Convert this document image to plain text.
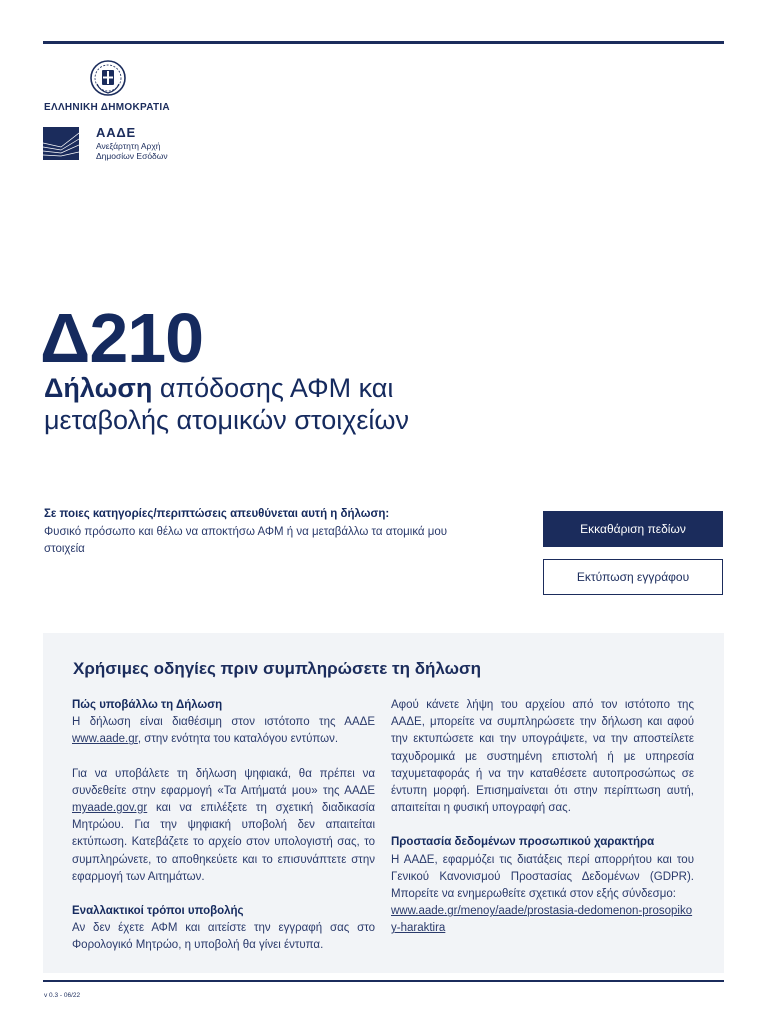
ΕΛΛΗΝΙΚΗ ΔΗΜΟΚΡΑΤΙΑ
ΑΑΔΕ
Ανεξάρτητη Αρχή
Δημοσίων Εσόδων
Δ210
Δήλωση απόδοσης ΑΦΜ και
μεταβολής ατομικών στοιχείων
Σε ποιες κατηγορίες/περιπτώσεις απευθύνεται αυτή η δήλωση:
Φυσικό πρόσωπο και θέλω να αποκτήσω ΑΦΜ ή να μεταβάλλω τα ατομικά μου στοιχεία
Εκκαθάριση πεδίων
Εκτύπωση εγγράφου
Χρήσιμες οδηγίες πριν συμπληρώσετε τη δήλωση
Πώς υποβάλλω τη Δήλωση

Η δήλωση είναι διαθέσιμη στον ιστότοπο της ΑΑΔΕ www.aade.gr, στην ενότητα του καταλόγου εντύπων.

Για να υποβάλετε τη δήλωση ψηφιακά, θα πρέπει να συνδεθείτε στην εφαρμογή «Τα Αιτήματά μου» της ΑΑΔΕ myaade.gov.gr και να επιλέξετε τη σχετική διαδικασία Μητρώου. Για την ψηφιακή υποβολή δεν απαιτείται εκτύπωση. Κατεβάζετε το αρχείο στον υπολογιστή σας, το συμπληρώνετε, το αποθηκεύετε και το επισυνάπτετε στην εφαρμογή των Αιτημάτων.

Εναλλακτικοί τρόποι υποβολής

Αν δεν έχετε ΑΦΜ και αιτείστε την εγγραφή σας στο Φορολογικό Μητρώο, η υποβολή θα γίνει έντυπα.

Αφού κάνετε λήψη του αρχείου από τον ιστότοπο της ΑΑΔΕ, μπορείτε να συμπληρώσετε την δήλωση και αφού την εκτυπώσετε και την υπογράψετε, να την αποστείλετε ταχυδρομικά με συστημένη επιστολή ή με υπηρεσία ταχυμεταφοράς ή να την καταθέσετε αυτοπροσώπως σε έντυπη μορφή. Επισημαίνεται ότι στην περίπτωση αυτή, απαιτείται η φυσική υπογραφή σας.

Προστασία δεδομένων προσωπικού χαρακτήρα

Η ΑΑΔΕ, εφαρμόζει τις διατάξεις περί απορρήτου και του Γενικού Κανονισμού Προστασίας Δεδομένων (GDPR). Μπορείτε να ενημερωθείτε σχετικά στον εξής σύνδεσμο:

www.aade.gr/menoy/aade/prostasia-dedomenon-prosopikoy-haraktira

v 0.3 - 06/22
